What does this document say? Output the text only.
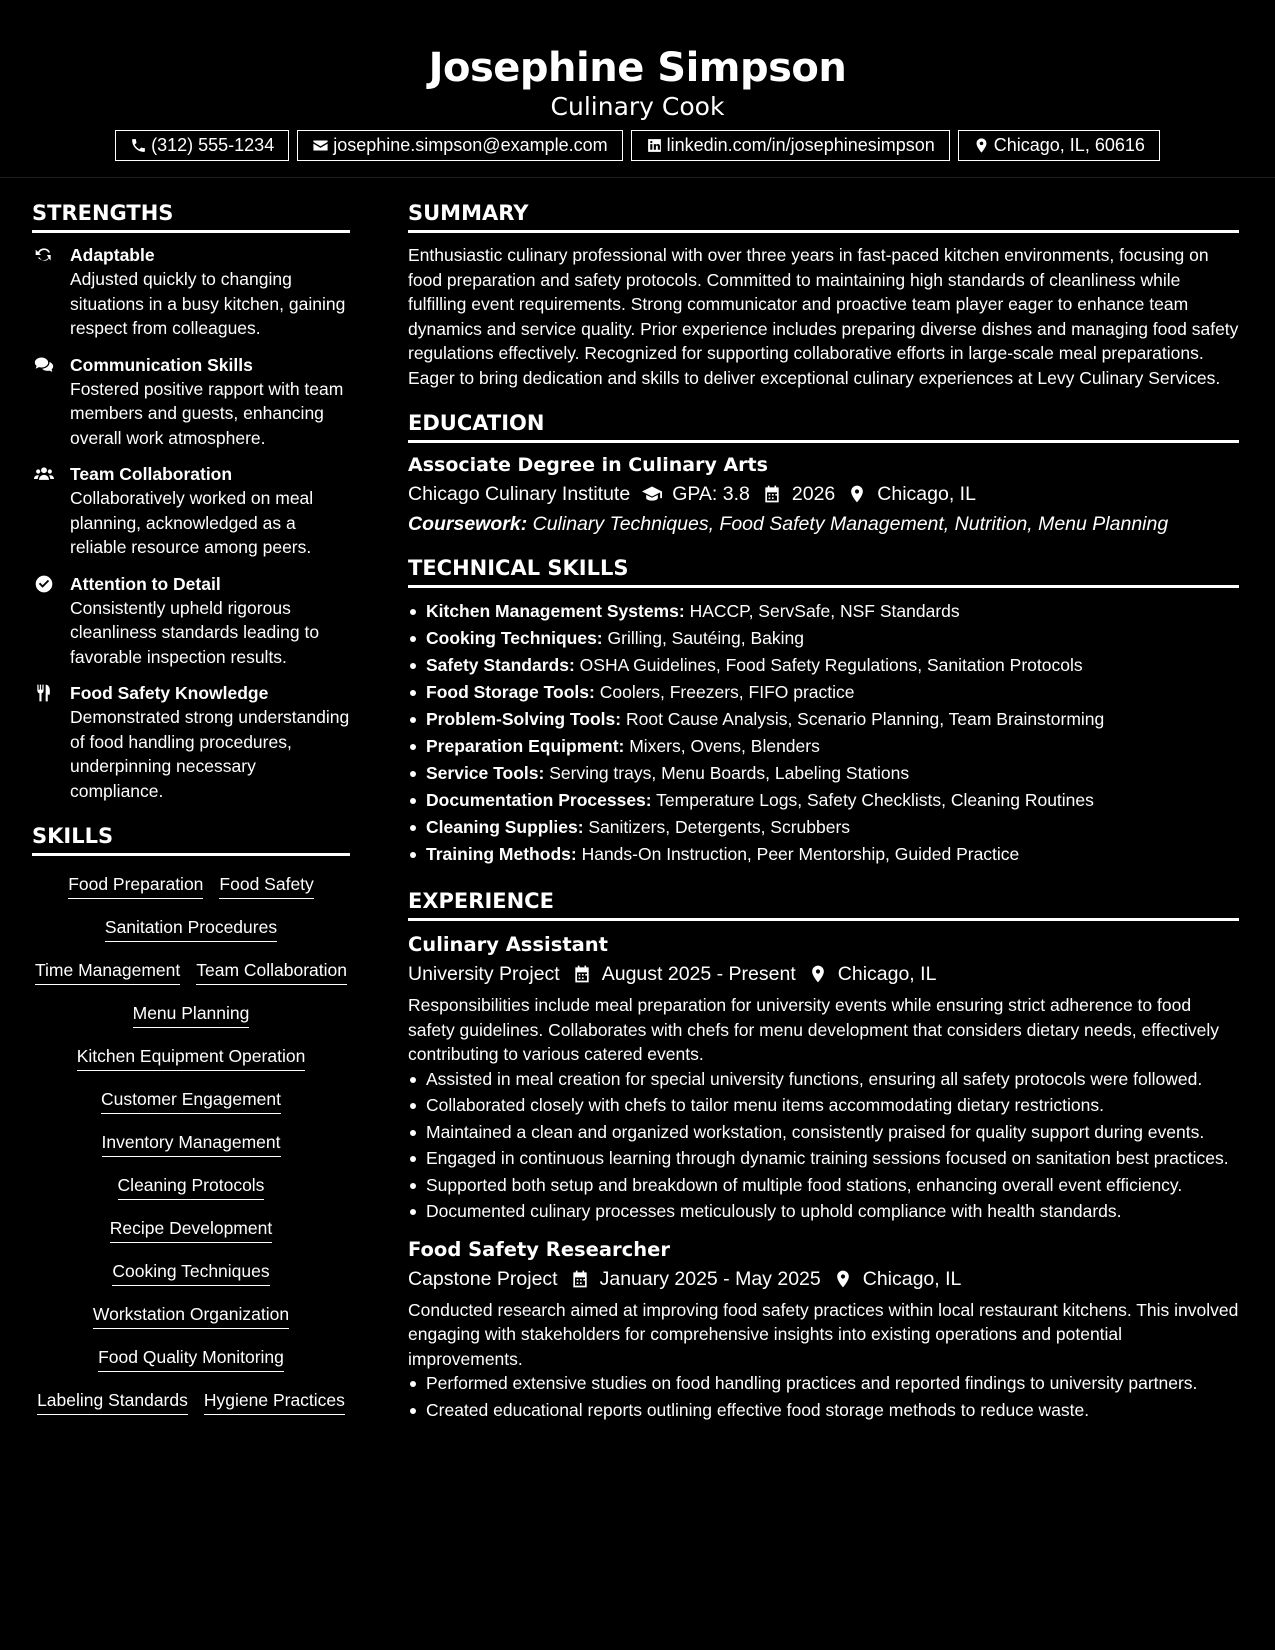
Josephine Simpson
Culinary Cook
(312) 555-1234	josephine.simpson@example.com	linkedin.com/in/josephinesimpson	Chicago, IL, 60616
STRENGTHS
Adaptable
Adjusted quickly to changing situations in a busy kitchen, gaining respect from colleagues.
Communication Skills
Fostered positive rapport with team members and guests, enhancing overall work atmosphere.
Team Collaboration
Collaboratively worked on meal planning, acknowledged as a reliable resource among peers.
Attention to Detail
Consistently upheld rigorous cleanliness standards leading to favorable inspection results.
Food Safety Knowledge
Demonstrated strong understanding of food handling procedures, underpinning necessary compliance.
SKILLS
Food Preparation Food Safety
Sanitation Procedures
Time Management Team Collaboration
Menu Planning
Kitchen Equipment Operation
Customer Engagement
Inventory Management
Cleaning Protocols
Recipe Development
Cooking Techniques
Workstation Organization
Food Quality Monitoring
Labeling Standards Hygiene Practices
SUMMARY

Enthusiastic culinary professional with over three years in fast-paced kitchen environments, focusing on food preparation and safety protocols. Committed to maintaining high standards of cleanliness while fulfilling event requirements. Strong communicator and proactive team player eager to enhance team dynamics and service quality. Prior experience includes preparing diverse dishes and managing food safety regulations effectively. Recognized for supporting collaborative efforts in large-scale meal preparations. Eager to bring dedication and skills to deliver exceptional culinary experiences at Levy Culinary Services.

EDUCATION
Associate Degree in Culinary Arts
Chicago Culinary Institute GPA: 3.8 2026 Chicago, IL
Coursework: Culinary Techniques, Food Safety Management, Nutrition, Menu Planning
TECHNICAL SKILLS
Kitchen Management Systems: HACCP, ServSafe, NSF Standards
Cooking Techniques: Grilling, Sautéing, Baking
Safety Standards: OSHA Guidelines, Food Safety Regulations, Sanitation Protocols
Food Storage Tools: Coolers, Freezers, FIFO practice
Problem-Solving Tools: Root Cause Analysis, Scenario Planning, Team Brainstorming
Preparation Equipment: Mixers, Ovens, Blenders
Service Tools: Serving trays, Menu Boards, Labeling Stations
Documentation Processes: Temperature Logs, Safety Checklists, Cleaning Routines
Cleaning Supplies: Sanitizers, Detergents, Scrubbers
Training Methods: Hands-On Instruction, Peer Mentorship, Guided Practice
EXPERIENCE
Culinary Assistant
University Project August 2025 - Present Chicago, IL

Responsibilities include meal preparation for university events while ensuring strict adherence to food safety guidelines. Collaborates with chefs for menu development that considers dietary needs, effectively contributing to various catered events.

Assisted in meal creation for special university functions, ensuring all safety protocols were followed.
Collaborated closely with chefs to tailor menu items accommodating dietary restrictions.
Maintained a clean and organized workstation, consistently praised for quality support during events.
Engaged in continuous learning through dynamic training sessions focused on sanitation best practices.
Supported both setup and breakdown of multiple food stations, enhancing overall event efficiency.
Documented culinary processes meticulously to uphold compliance with health standards.
Food Safety Researcher
Capstone Project January 2025 - May 2025 Chicago, IL

Conducted research aimed at improving food safety practices within local restaurant kitchens. This involved engaging with stakeholders for comprehensive insights into existing operations and potential improvements.

Performed extensive studies on food handling practices and reported findings to university partners.
Created educational reports outlining effective food storage methods to reduce waste.
